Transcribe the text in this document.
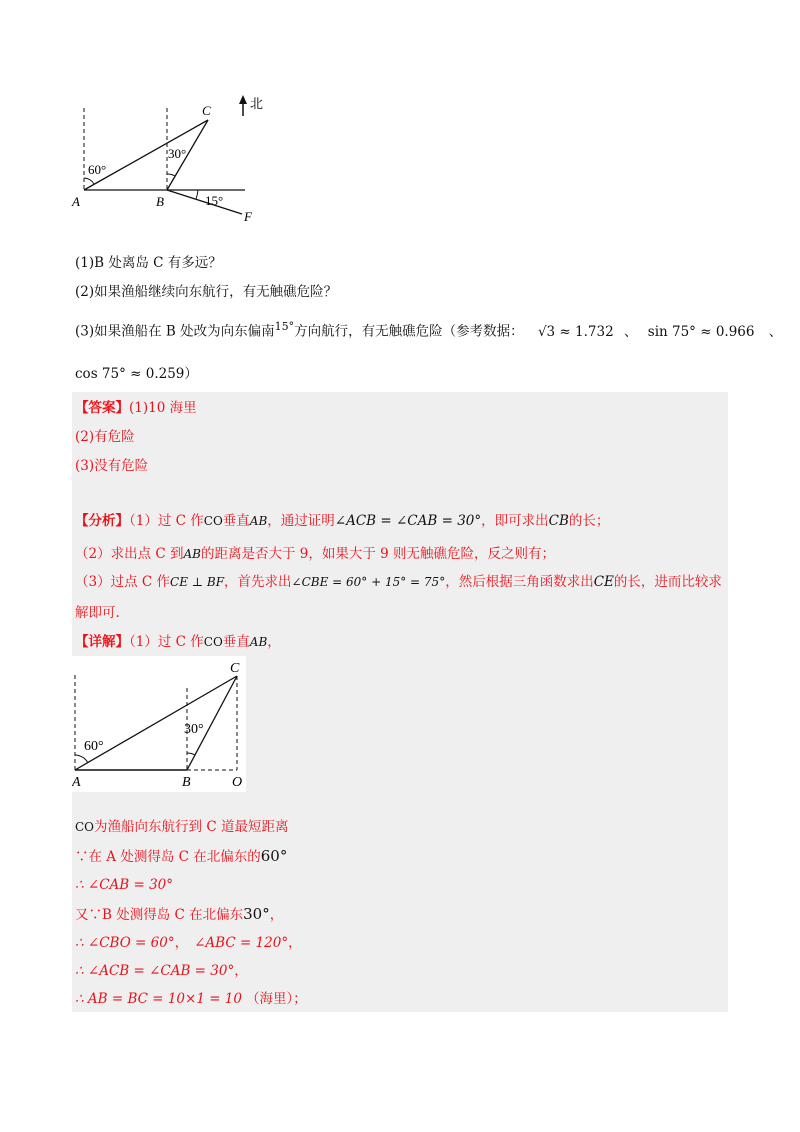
60°
30°
15°
A	B
C
F
北
(1)B 处离岛 C 有多远？
(2)如果渔船继续向东航行，有无触礁危险？
(3)如果渔船在 B 处改为向东偏南$^{15^\circ}$方向航行，有无触礁危险（参考数据： √3 ≈ 1.732 、 sin 75° ≈ 0.966 、
cos 75° ≈ 0.259）
【答案】(1)10 海里
(2)有危险
(3)没有危险
【分析】（1）过 C 作CO垂直AB，通过证明∠ACB = ∠CAB = 30°，即可求出CB的长；
（2）求出点 C 到AB的距离是否大于 9，如果大于 9 则无触礁危险，反之则有；
（3）过点 C 作CE ⊥ BF，首先求出∠CBE = 60° + 15° = 75°，然后根据三角函数求出CE的长，进而比较求
解即可.
【详解】（1）过 C 作CO垂直AB，
60°
30°
A	B
C
O
CO为渔船向东航行到 C 道最短距离
∵在 A 处测得岛 C 在北偏东的60°
∴ ∠CAB = 30°
又∵B 处测得岛 C 在北偏东30°，
∴ ∠CBO = 60°， ∠ABC = 120°，
∴ ∠ACB = ∠CAB = 30°，
∴ AB = BC = 10×1 = 10 （海里）；
